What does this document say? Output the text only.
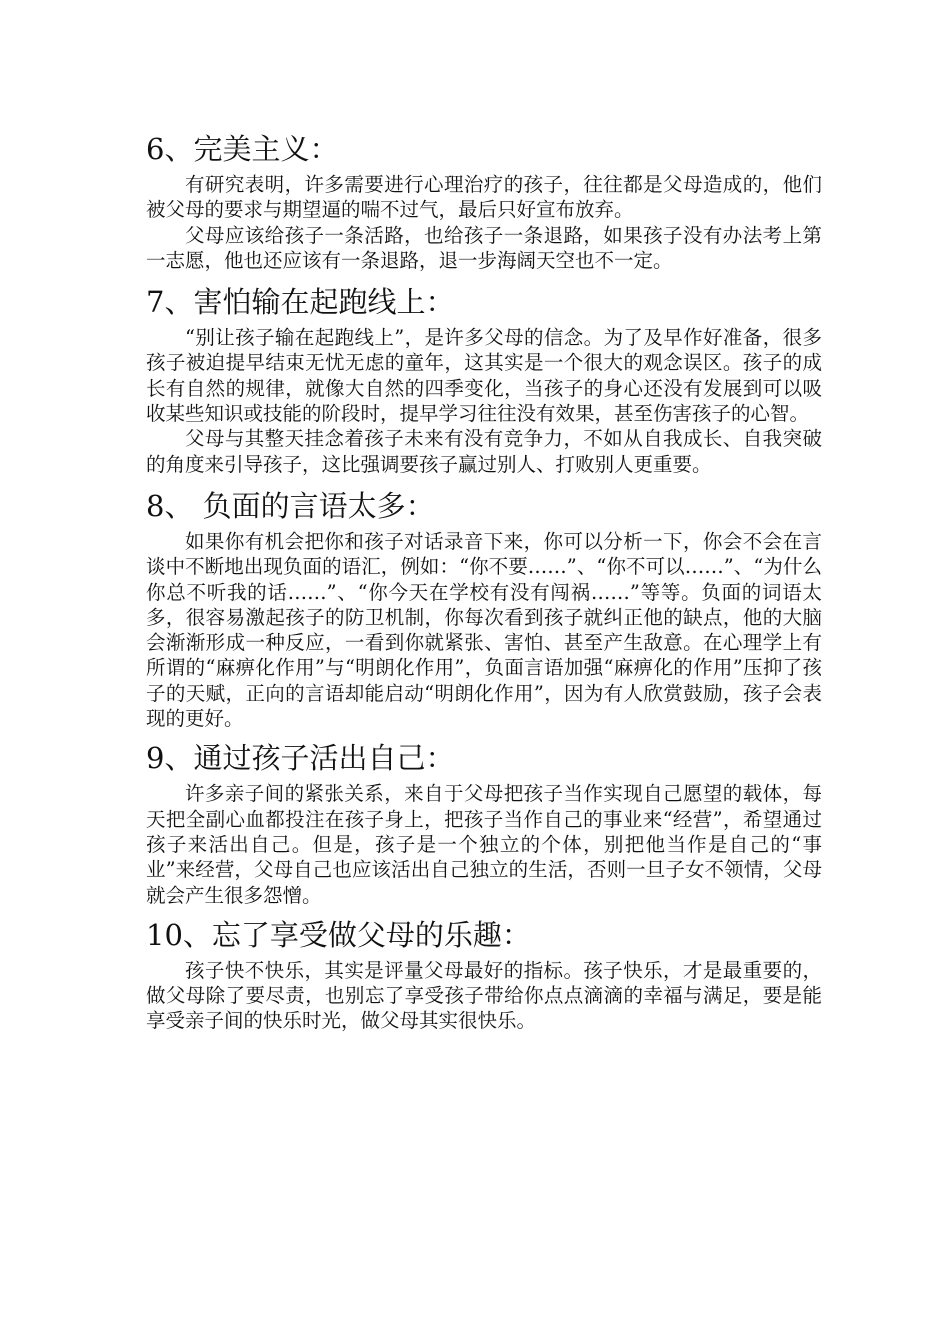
6、完美主义：

有研究表明，许多需要进行心理治疗的孩子，往往都是父母造成的，他们被父母的要求与期望逼的喘不过气，最后只好宣布放弃。

父母应该给孩子一条活路，也给孩子一条退路，如果孩子没有办法考上第一志愿，他也还应该有一条退路，退一步海阔天空也不一定。

7、害怕输在起跑线上：

“别让孩子输在起跑线上”，是许多父母的信念。为了及早作好准备，很多孩子被迫提早结束无忧无虑的童年，这其实是一个很大的观念误区。孩子的成长有自然的规律，就像大自然的四季变化，当孩子的身心还没有发展到可以吸收某些知识或技能的阶段时，提早学习往往没有效果，甚至伤害孩子的心智。

父母与其整天挂念着孩子未来有没有竞争力，不如从自我成长、自我突破的角度来引导孩子，这比强调要孩子赢过别人、打败别人更重要。

8、 负面的言语太多：

如果你有机会把你和孩子对话录音下来，你可以分析一下，你会不会在言谈中不断地出现负面的语汇，例如：“你不要……”、“你不可以……”、“为什么你总不听我的话……”、“你今天在学校有没有闯祸……”等等。负面的词语太多，很容易激起孩子的防卫机制，你每次看到孩子就纠正他的缺点，他的大脑会渐渐形成一种反应，一看到你就紧张、害怕、甚至产生敌意。在心理学上有所谓的“麻痹化作用”与“明朗化作用”，负面言语加强“麻痹化的作用”压抑了孩子的天赋，正向的言语却能启动“明朗化作用”，因为有人欣赏鼓励，孩子会表现的更好。

9、通过孩子活出自己：

许多亲子间的紧张关系，来自于父母把孩子当作实现自己愿望的载体，每天把全副心血都投注在孩子身上，把孩子当作自己的事业来“经营”，希望通过孩子来活出自己。但是，孩子是一个独立的个体，别把他当作是自己的“事业”来经营，父母自己也应该活出自己独立的生活，否则一旦子女不领情，父母就会产生很多怨憎。

10、忘了享受做父母的乐趣：

孩子快不快乐，其实是评量父母最好的指标。孩子快乐，才是最重要的，做父母除了要尽责，也别忘了享受孩子带给你点点滴滴的幸福与满足，要是能享受亲子间的快乐时光，做父母其实很快乐。
